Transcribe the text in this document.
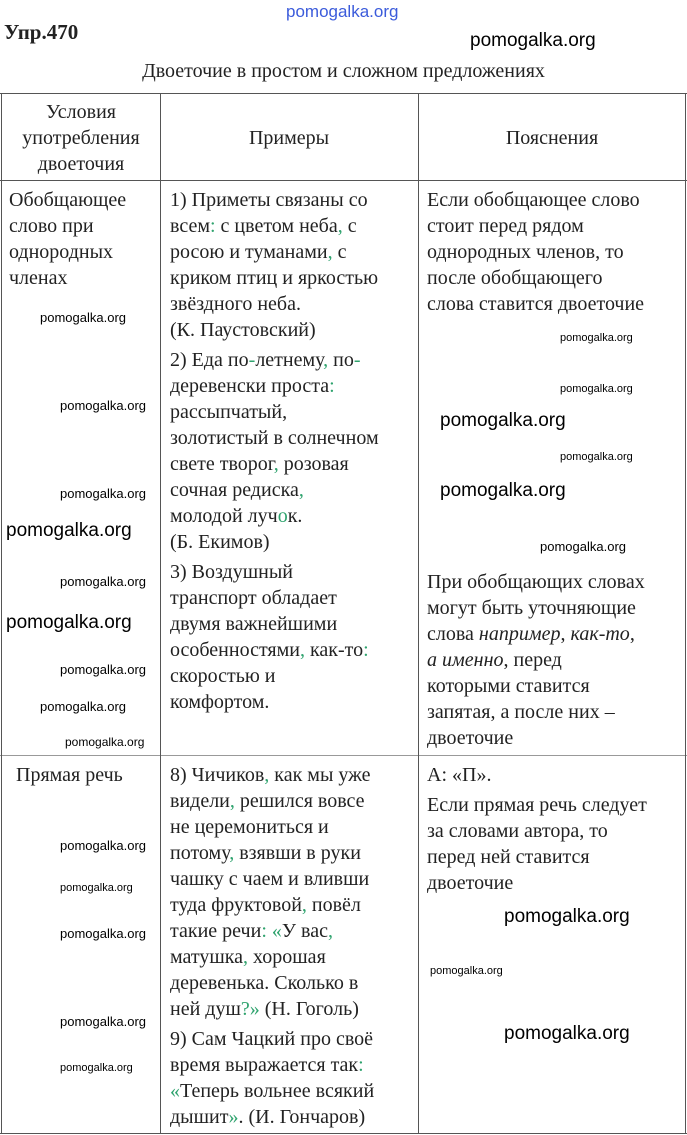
pomogalka.org
Упр.470
Двоеточие в простом и сложном предложениях
Условия употребления двоеточия
Примеры	Пояснения
Обобщающее
слово при
однородных
членах
1) Приметы связаны со
всем: с цветом неба, с
росою и туманами, с
криком птиц и яркостью
звёздного неба.
(К. Паустовский)
2) Еда по-летнему, по-
деревенски проста:
рассыпчатый,
золотистый в солнечном
свете творог, розовая
сочная редиска,
молодой лучок.
(Б. Екимов)
3) Воздушный
транспорт обладает
двумя важнейшими
особенностями, как-то:
скоростью и
комфортом.
Если обобщающее слово
стоит перед рядом
однородных членов, то
после обобщающего
слова ставится двоеточие
При обобщающих словах
могут быть уточняющие
слова например, как-то,
а именно, перед
которыми ставится
запятая, а после них –
двоеточие
Прямая речь	8) Чичиков, как мы уже
видели, решился вовсе
не церемониться и
потому, взявши в руки
чашку с чаем и вливши
туда фруктовой, повёл
такие речи: «У вас,
матушка, хорошая
деревенька. Сколько в
ней душ?» (Н. Гоголь)
9) Сам Чацкий про своё
время выражается так:
«Теперь вольнее всякий
дышит». (И. Гончаров)
А: «П».
Если прямая речь следует
за словами автора, то
перед ней ставится
двоеточие
pomogalka.org
pomogalka.org
pomogalka.org
pomogalka.org
pomogalka.org
pomogalka.org
pomogalka.org
pomogalka.org
pomogalka.org
pomogalka.org
pomogalka.org
pomogalka.org
pomogalka.org
pomogalka.org
pomogalka.org
pomogalka.org
pomogalka.org
pomogalka.org
pomogalka.org
pomogalka.org
pomogalka.org
pomogalka.org
pomogalka.org
pomogalka.org
